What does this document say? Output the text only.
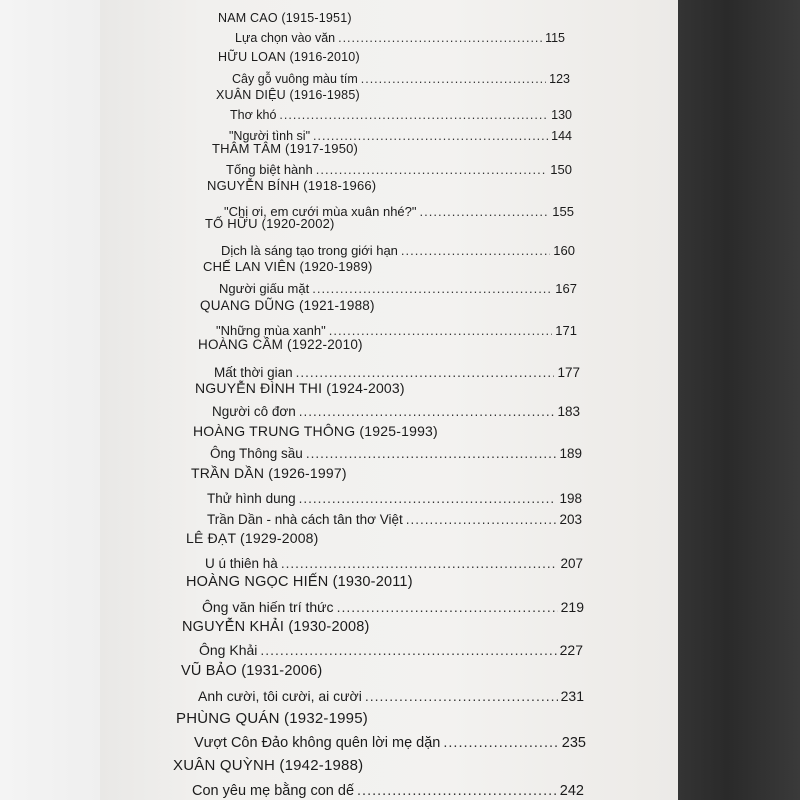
NAM CAO (1915-1951)
Lựa chọn vào văn .....	115
HỮU LOAN (1916-2010)
Cây gỗ vuông màu tím .....	123
XUÂN DIỆU (1916-1985)
Thơ khó .....	130
"Người tình si" .....	144
THÂM TÂM (1917-1950)
Tống biệt hành .....	150
NGUYỄN BÍNH (1918-1966)
"Chị ơi, em cưới mùa xuân nhé?" .....	155
TỐ HỮU (1920-2002)
Dịch là sáng tạo trong giới hạn .....	160
CHẾ LAN VIÊN (1920-1989)
Người giấu mặt .....	167
QUANG DŨNG (1921-1988)
"Những mùa xanh" .....	171
HOÀNG CẦM (1922-2010)
Mất thời gian .....	177
NGUYỄN ĐÌNH THI (1924-2003)
Người cô đơn .....	183
HOÀNG TRUNG THÔNG (1925-1993)
Ông Thông sầu .....	189
TRẦN DẦN (1926-1997)
Thử hình dung .....	198
Trần Dần - nhà cách tân thơ Việt .....	203
LÊ ĐẠT (1929-2008)
U ú thiên hà .....	207
HOÀNG NGỌC HIẾN (1930-2011)
Ông văn hiến trí thức .....	219
NGUYỄN KHẢI (1930-2008)
Ông Khải .....	227
VŨ BẢO (1931-2006)
Anh cười, tôi cười, ai cười .....	231
PHÙNG QUÁN (1932-1995)
Vượt Côn Đảo không quên lời mẹ dặn .....	235
XUÂN QUỲNH (1942-1988)
Con yêu mẹ bằng con dế .....	242
